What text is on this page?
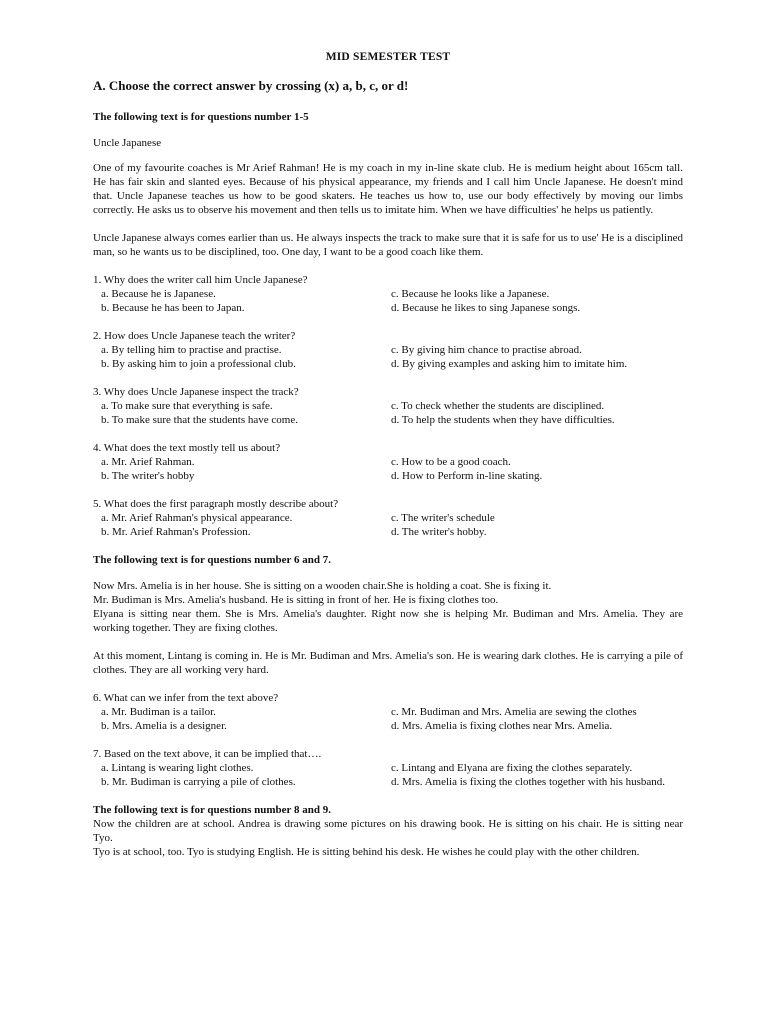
MID SEMESTER TEST
A. Choose the correct answer by crossing (x) a, b, c, or d!
The following text is for questions number 1-5
Uncle Japanese
One of my favourite coaches is Mr Arief Rahman! He is my coach in my in-line skate club. He is medium height about 165cm tall. He has fair skin and slanted eyes. Because of his physical appearance, my friends and I call him Uncle Japanese. He doesn't mind that. Uncle Japanese teaches us how to be good skaters. He teaches us how to, use our body effectively by moving our limbs correctly. He asks us to observe his movement and then tells us to imitate him. When we have difficulties' he helps us patiently.
Uncle Japanese always comes earlier than us. He always inspects the track to make sure that it is safe for us to use' He is a disciplined man, so he wants us to be disciplined, too. One day, I want to be a good coach like them.
1. Why does the writer call him Uncle Japanese?
a. Because he is Japanese.	c. Because he looks like a Japanese.
b. Because he has been to Japan.	d. Because he likes to sing Japanese songs.
2. How does Uncle Japanese teach the writer?
a. By telling him to practise and practise.	c. By giving him chance to practise abroad.
b. By asking him to join a professional club.	d. By giving examples and asking him to imitate him.
3. Why does Uncle Japanese inspect the track?
a. To make sure that everything is safe.	c. To check whether the students are disciplined.
b. To make sure that the students have come.	d. To help the students when they have difficulties.
4. What does the text mostly tell us about?
a. Mr. Arief Rahman.	c. How to be a good coach.
b. The writer's hobby	d. How to Perform in-line skating.
5. What does the first paragraph mostly describe about?
a. Mr. Arief Rahman's physical appearance.	c. The writer's schedule
b. Mr. Arief Rahman's Profession.	d. The writer's hobby.
The following text is for questions number 6 and 7.
Now Mrs. Amelia is in her house. She is sitting on a wooden chair.She is holding a coat. She is fixing it.
Mr. Budiman is Mrs. Amelia's husband. He is sitting in front of her. He is fixing clothes too.
Elyana is sitting near them. She is Mrs. Amelia's daughter. Right now she is helping Mr. Budiman and Mrs. Amelia. They are working together. They are fixing clothes.
At this moment, Lintang is coming in. He is Mr. Budiman and Mrs. Amelia's son. He is wearing dark clothes. He is carrying a pile of clothes. They are all working very hard.
6. What can we infer from the text above?
a. Mr. Budiman is a tailor.	c. Mr. Budiman and Mrs. Amelia are sewing the clothes
b. Mrs. Amelia is a designer.	d. Mrs. Amelia is fixing clothes near Mrs. Amelia.
7. Based on the text above, it can be implied that….
a. Lintang is wearing light clothes.	c. Lintang and Elyana are fixing the clothes separately.
b. Mr. Budiman is carrying a pile of clothes.	d. Mrs. Amelia is fixing the clothes together with his husband.
The following text is for questions number 8 and 9.
Now the children are at school. Andrea is drawing some pictures on his drawing book. He is sitting on his chair. He is sitting near Tyo.
Tyo is at school, too. Tyo is studying English. He is sitting behind his desk. He wishes he could play with the other children.
